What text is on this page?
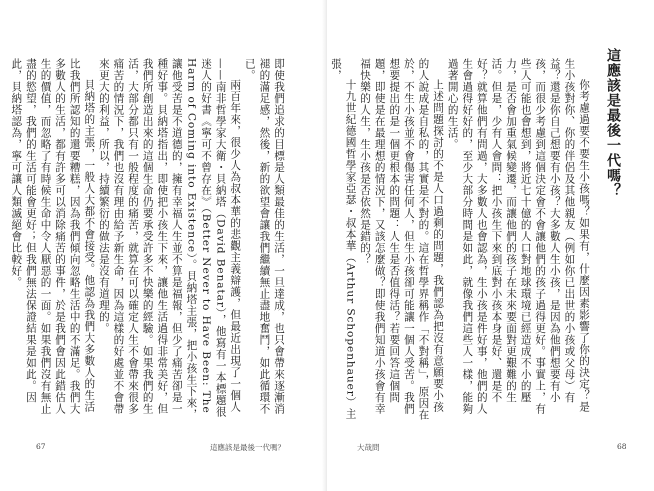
即使我們追求的目標是人類最佳的生活，一旦達成，也只會帶來逐漸消褪的滿足感，然後，新的欲望會讓我們繼續無止盡地奮鬥，如此循環不已。

兩百年來，很少人為叔本華的悲觀主義辯護，但最近出現了一個人——南非哲學家大衛・貝納塔（David Benatar），他寫有一本標題很迷人的好書《寧可不曾存在》（Better Never to Have Been: The Harm of Coming into Existence）。貝納塔主張，把小孩生下來，讓他受苦是不道德的，擁有幸福人生並不算是福報，但少了痛苦卻是一種好事。貝納塔指出，即使把小孩生下來，讓他生活過得非常美好，但我們所創造出來的這個生命仍要承受許多不快樂的經驗。如果我們的生活，大部分都只有一般程度的痛苦，就算在可以確定人生不會帶來很多痛苦的情況下，我們也沒有理由給予新生命，因為這樣的好處並不會帶來更大的利益，所以，持續繁衍的做法是沒有道理的。

貝納塔的主張，一般人大都不會接受。他認為我們大多數人的生活比我們所認知的還要糟糕，因為我們傾向忽略生活中的不滿足。我們大多數人的生活，都有許多可以消除痛苦的事件，於是我們會因此錯估人生的價值，而忽略了有時候生命中令人厭惡的一面。如果我們沒有無止盡的慾望，我們的生活可能會更好；但我們無法保證結果是如此。因此，貝納塔認為，寧可讓人類滅絕會比較好。

67	這應該是最後一代嗎？
這應該是最後一代嗎？

你考慮過要不要生小孩嗎？如果有，什麼因素影響了你的決定？是生小孩對你、你的伴侶及其他親友（例如你已出世的小孩或父母）有益？還是你自己想要有小孩？大多數人生小孩，是因為他們想要有小孩，而很少考慮到這個決定會不會讓他們的孩子過得更好。事實上，有些人可能也會想到，將近七十億的人口對地球環境已經造成不小的壓力，是否會加重氣候變遷，而讓他們的孩子在未來要面對更艱難的生活。但是，少有人會問：把小孩生下來到底對小孩本身是好、還是不好？就算他們有問過，大多數人也會認為，生小孩是件好事，他們的人生會過得好好的，至少大部分時間是如此，就像我們這些人一樣，能夠過著開心的生活。

上述問題探討的不是人口過剩的問題，我們認為把沒有意願要小孩的人說成是自私的，其實是不對的。這在哲學界稱作「不對稱」，原因在於，不生小孩並不會傷害任何人，但生小孩卻可能讓一個人受苦。我們想要提出的是一個更根本的問題：人生是否值得活？若要回答這個問題，即使是在最理想的情況下，又該怎麼做？即使我們知道小孩會有幸福快樂的人生，生小孩是否依然是錯的？

十九世紀德國哲學家亞瑟・叔本華（Arthur Schopenhauer）主張，

大哉問	68
